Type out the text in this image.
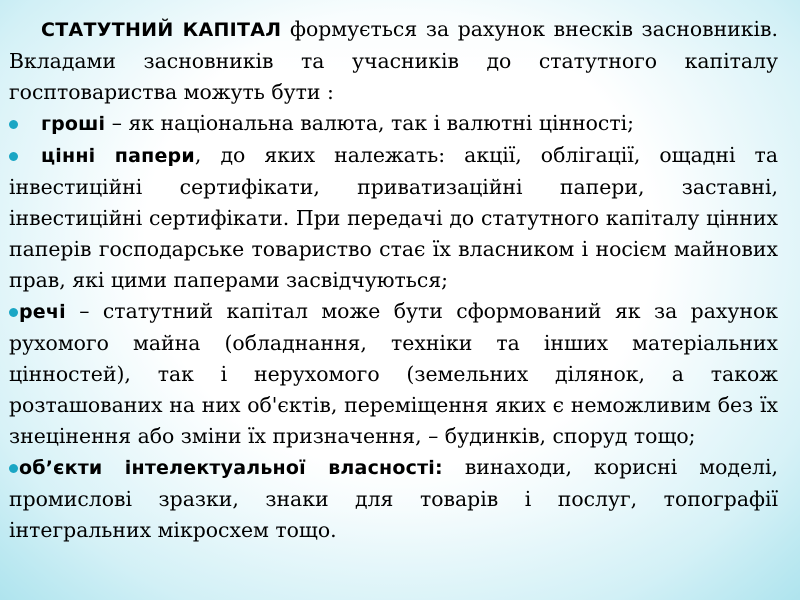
СТАТУТНИЙ КАПІТАЛ формується за рахунок внесків засновників. Вкладами засновників та учасників до статутного капіталу госптовариства можуть бути :

гроші – як національна валюта, так і валютні цінності;

цінні папери, до яких належать: акції, облігації, ощадні та інвестиційні сертифікати, приватизаційні папери, заставні, інвестиційні сертифікати. При передачі до статутного капіталу цінних паперів господарське товариство стає їх власником і носієм майнових прав, які цими паперами засвідчуються;

речі – статутний капітал може бути сформований як за рахунок рухомого майна (обладнання, техніки та інших матеріальних цінностей), так і нерухомого (земельних ділянок, а також розташованих на них об'єктів, переміщення яких є неможливим без їх знецінення або зміни їх призначення, – будинків, споруд тощо;

об’єкти інтелектуальної власності: винаходи, корисні моделі, промислові зразки, знаки для товарів і послуг, топографії інтегральних мікросхем тощо.
